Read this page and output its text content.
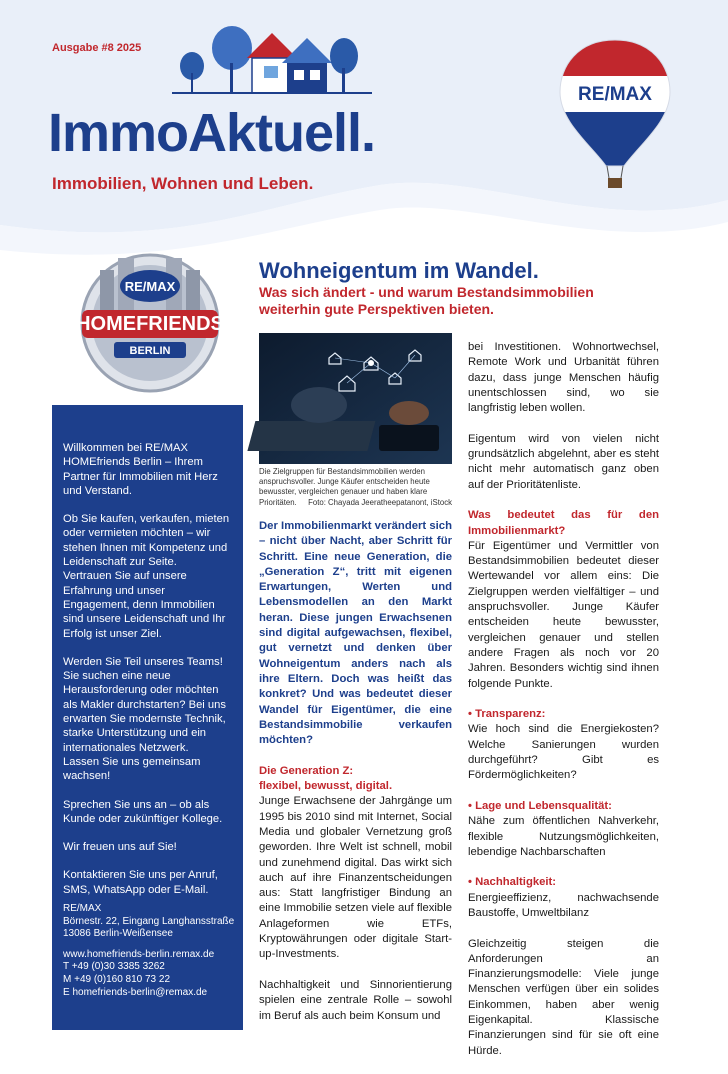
Ausgabe #8 2025
ImmoAktuell.
Immobilien, Wohnen und Leben.
RE/MAX
RE/MAX
HOMEFRIENDS
BERLIN

Willkommen bei RE/MAX HOMEfriends Berlin – Ihrem Partner für Immobilien mit Herz und Verstand.

Ob Sie kaufen, verkaufen, mieten oder vermieten möchten – wir stehen Ihnen mit Kompetenz und Leidenschaft zur Seite.
Vertrauen Sie auf unsere Erfahrung und unser Engagement, denn Immobilien sind unsere Leidenschaft und Ihr Erfolg ist unser Ziel.
Werden Sie Teil unseres Teams! Sie suchen eine neue Herausforderung oder möchten als Makler durchstarten? Bei uns erwarten Sie modernste Technik, starke Unterstützung und ein internationales Netzwerk.
Lassen Sie uns gemeinsam wachsen!

Sprechen Sie uns an – ob als Kunde oder zukünftiger Kollege.

Wir freuen uns auf Sie!

Kontaktieren Sie uns per Anruf, SMS, WhatsApp oder E-Mail.

RE/MAX
Börnestr. 22, Eingang Langhansstraße
13086 Berlin-Weißensee
www.homefriends-berlin.remax.de
T +49 (0)30 3385 3262
M +49 (0)160 810 73 22
E homefriends-berlin@remax.de
Wohneigentum im Wandel.
Was sich ändert - und warum Bestandsimmobilien weiterhin gute Perspektiven bieten.
Die Zielgruppen für Bestandsimmobilien werden anspruchsvoller. Junge Käufer entscheiden heute bewusster, vergleichen genauer und haben klare Prioritäten. Foto: Chayada Jeeratheepatanont, iStock

Der Immobilienmarkt verändert sich – nicht über Nacht, aber Schritt für Schritt. Eine neue Generation, die „Generation Z“, tritt mit eigenen Erwartungen, Werten und Lebensmodellen an den Markt heran. Diese jungen Erwachsenen sind digital aufgewachsen, flexibel, gut vernetzt und denken über Wohneigentum anders nach als ihre Eltern. Doch was heißt das konkret? Und was bedeutet dieser Wandel für Eigentümer, die eine Bestandsimmobilie verkaufen möchten?

Die Generation Z:
flexibel, bewusst, digital.

Junge Erwachsene der Jahrgänge um 1995 bis 2010 sind mit Internet, Social Media und globaler Vernetzung groß geworden. Ihre Welt ist schnell, mobil und zunehmend digital. Das wirkt sich auch auf ihre Finanzentscheidungen aus: Statt langfristiger Bindung an eine Immobilie setzen viele auf flexible Anlageformen wie ETFs, Kryptowährungen oder digitale Start-up-Investments.

Nachhaltigkeit und Sinnorientierung spielen eine zentrale Rolle – sowohl im Beruf als auch beim Konsum und

bei Investitionen. Wohnortwechsel, Remote Work und Urbanität führen dazu, dass junge Menschen häufig unentschlossen sind, wo sie langfristig leben wollen.

Eigentum wird von vielen nicht grundsätzlich abgelehnt, aber es steht nicht mehr automatisch ganz oben auf der Prioritätenliste.

Was bedeutet das für den Immobilienmarkt?

Für Eigentümer und Vermittler von Bestandsimmobilien bedeutet dieser Wertewandel vor allem eins: Die Zielgruppen werden vielfältiger – und anspruchsvoller. Junge Käufer entscheiden heute bewusster, vergleichen genauer und stellen andere Fragen als noch vor 20 Jahren. Besonders wichtig sind ihnen folgende Punkte.

• Transparenz:

Wie hoch sind die Energiekosten? Welche Sanierungen wurden durchgeführt? Gibt es Fördermöglichkeiten?

• Lage und Lebensqualität:

Nähe zum öffentlichen Nahverkehr, flexible Nutzungsmöglichkeiten, lebendige Nachbarschaften

• Nachhaltigkeit:

Energieeffizienz, nachwachsende Baustoffe, Umweltbilanz

Gleichzeitig steigen die Anforderungen an Finanzierungsmodelle: Viele junge Menschen verfügen über ein solides Einkommen, haben aber wenig Eigenkapital. Klassische Finanzierungen sind für sie oft eine Hürde.
